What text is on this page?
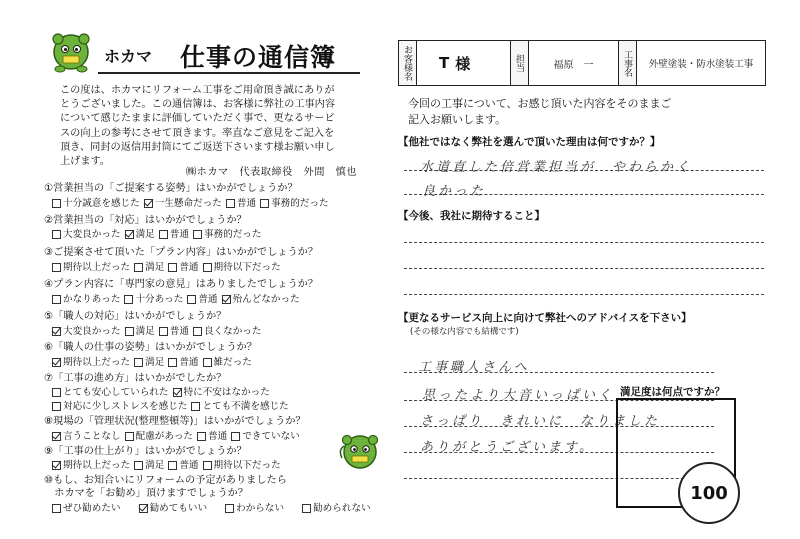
ホカマ 仕事の通信簿
この度は、ホカマにリフォーム工事をご用命頂き誠にありが
とうございました。この通信簿は、お客様に弊社の工事内容
について感じたままに評価していただく事で、更なるサービ
スの向上の参考にさせて頂きます。率直なご意見をご記入を
頂き、同封の返信用封筒にてご返送下さいます様お願い申し
上げます。
㈱ホカマ　代表取締役　外間　慎也
①営業担当の「ご提案する姿勢」はいかがでしょうか？
十分誠意を感じた 一生懸命だった 普通 事務的だった
②営業担当の「対応」はいかがでしょうか？
大変良かった 満足 普通 事務的だった
③ご提案させて頂いた「プラン内容」はいかがでしょうか？
期待以上だった 満足 普通 期待以下だった
④プラン内容に「専門家の意見」はありましたでしょうか？
かなりあった 十分あった 普通 殆んどなかった
⑤「職人の対応」はいかがでしょうか？
大変良かった 満足 普通 良くなかった
⑥「職人の仕事の姿勢」はいかがでしょうか？
期待以上だった 満足 普通 雑だった
⑦「工事の進め方」はいかがでしたか？
とても安心していられた 特に不安はなかった
対応に少しストレスを感じた とても不満を感じた
⑧現場の「管理状況(整理整頓等)」はいかがでしょうか？
言うことなし 配慮があった 普通 できていない
⑨「工事の仕上がり」はいかがでしょうか？
期待以上だった 満足 普通 期待以下だった
⑩もし、お知合いにリフォームの予定がありましたら
　ホカマを「お勧め」頂けますでしょうか？
ぜひ勧めたい	勧めてもいい	わからない	勧められない
お客様名	T 様	担当	福原　一	工事名	外壁塗装・防水塗装工事
今回の工事について、お感じ頂いた内容をそのままご
記入お願いします。
【他社ではなく弊社を選んで頂いた理由は何ですか？】
水道直した倍営業担当が　やわらかく
良かった
【今後、我社に期待すること】
【更なるサービス向上に向けて弊社へのアドバイスを下さい】
(その様な内容でも結構です)
工事職人さんへ
思ったより大音いっぱいく
さっぱり　きれいに　なりました
ありがとうございます。
満足度は何点ですか？
100
